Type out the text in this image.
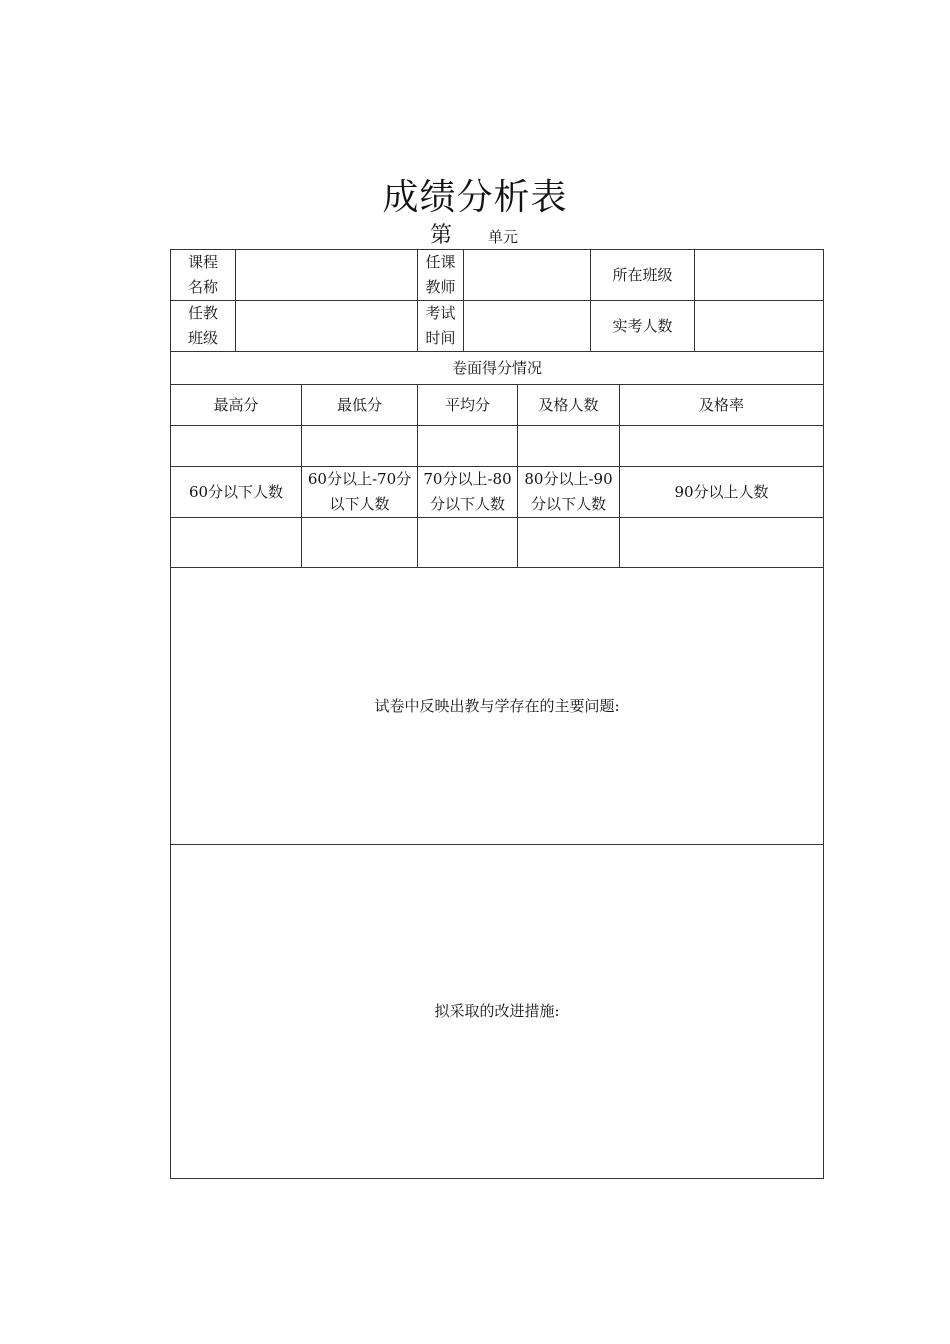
成绩分析表
第 单元
课程名称			任课教师			所在班级		

任教班级			考试时间			实考人数		
卷面得分情况								
最高分		最低分	平均分		及格人数		及格率	

60分以下人数		60分以上-70分以下人数	70分以上-80分以下人数		80分以上-90分以下人数		90分以上人数	

试卷中反映出教与学存在的主要问题:								
拟采取的改进措施:								
